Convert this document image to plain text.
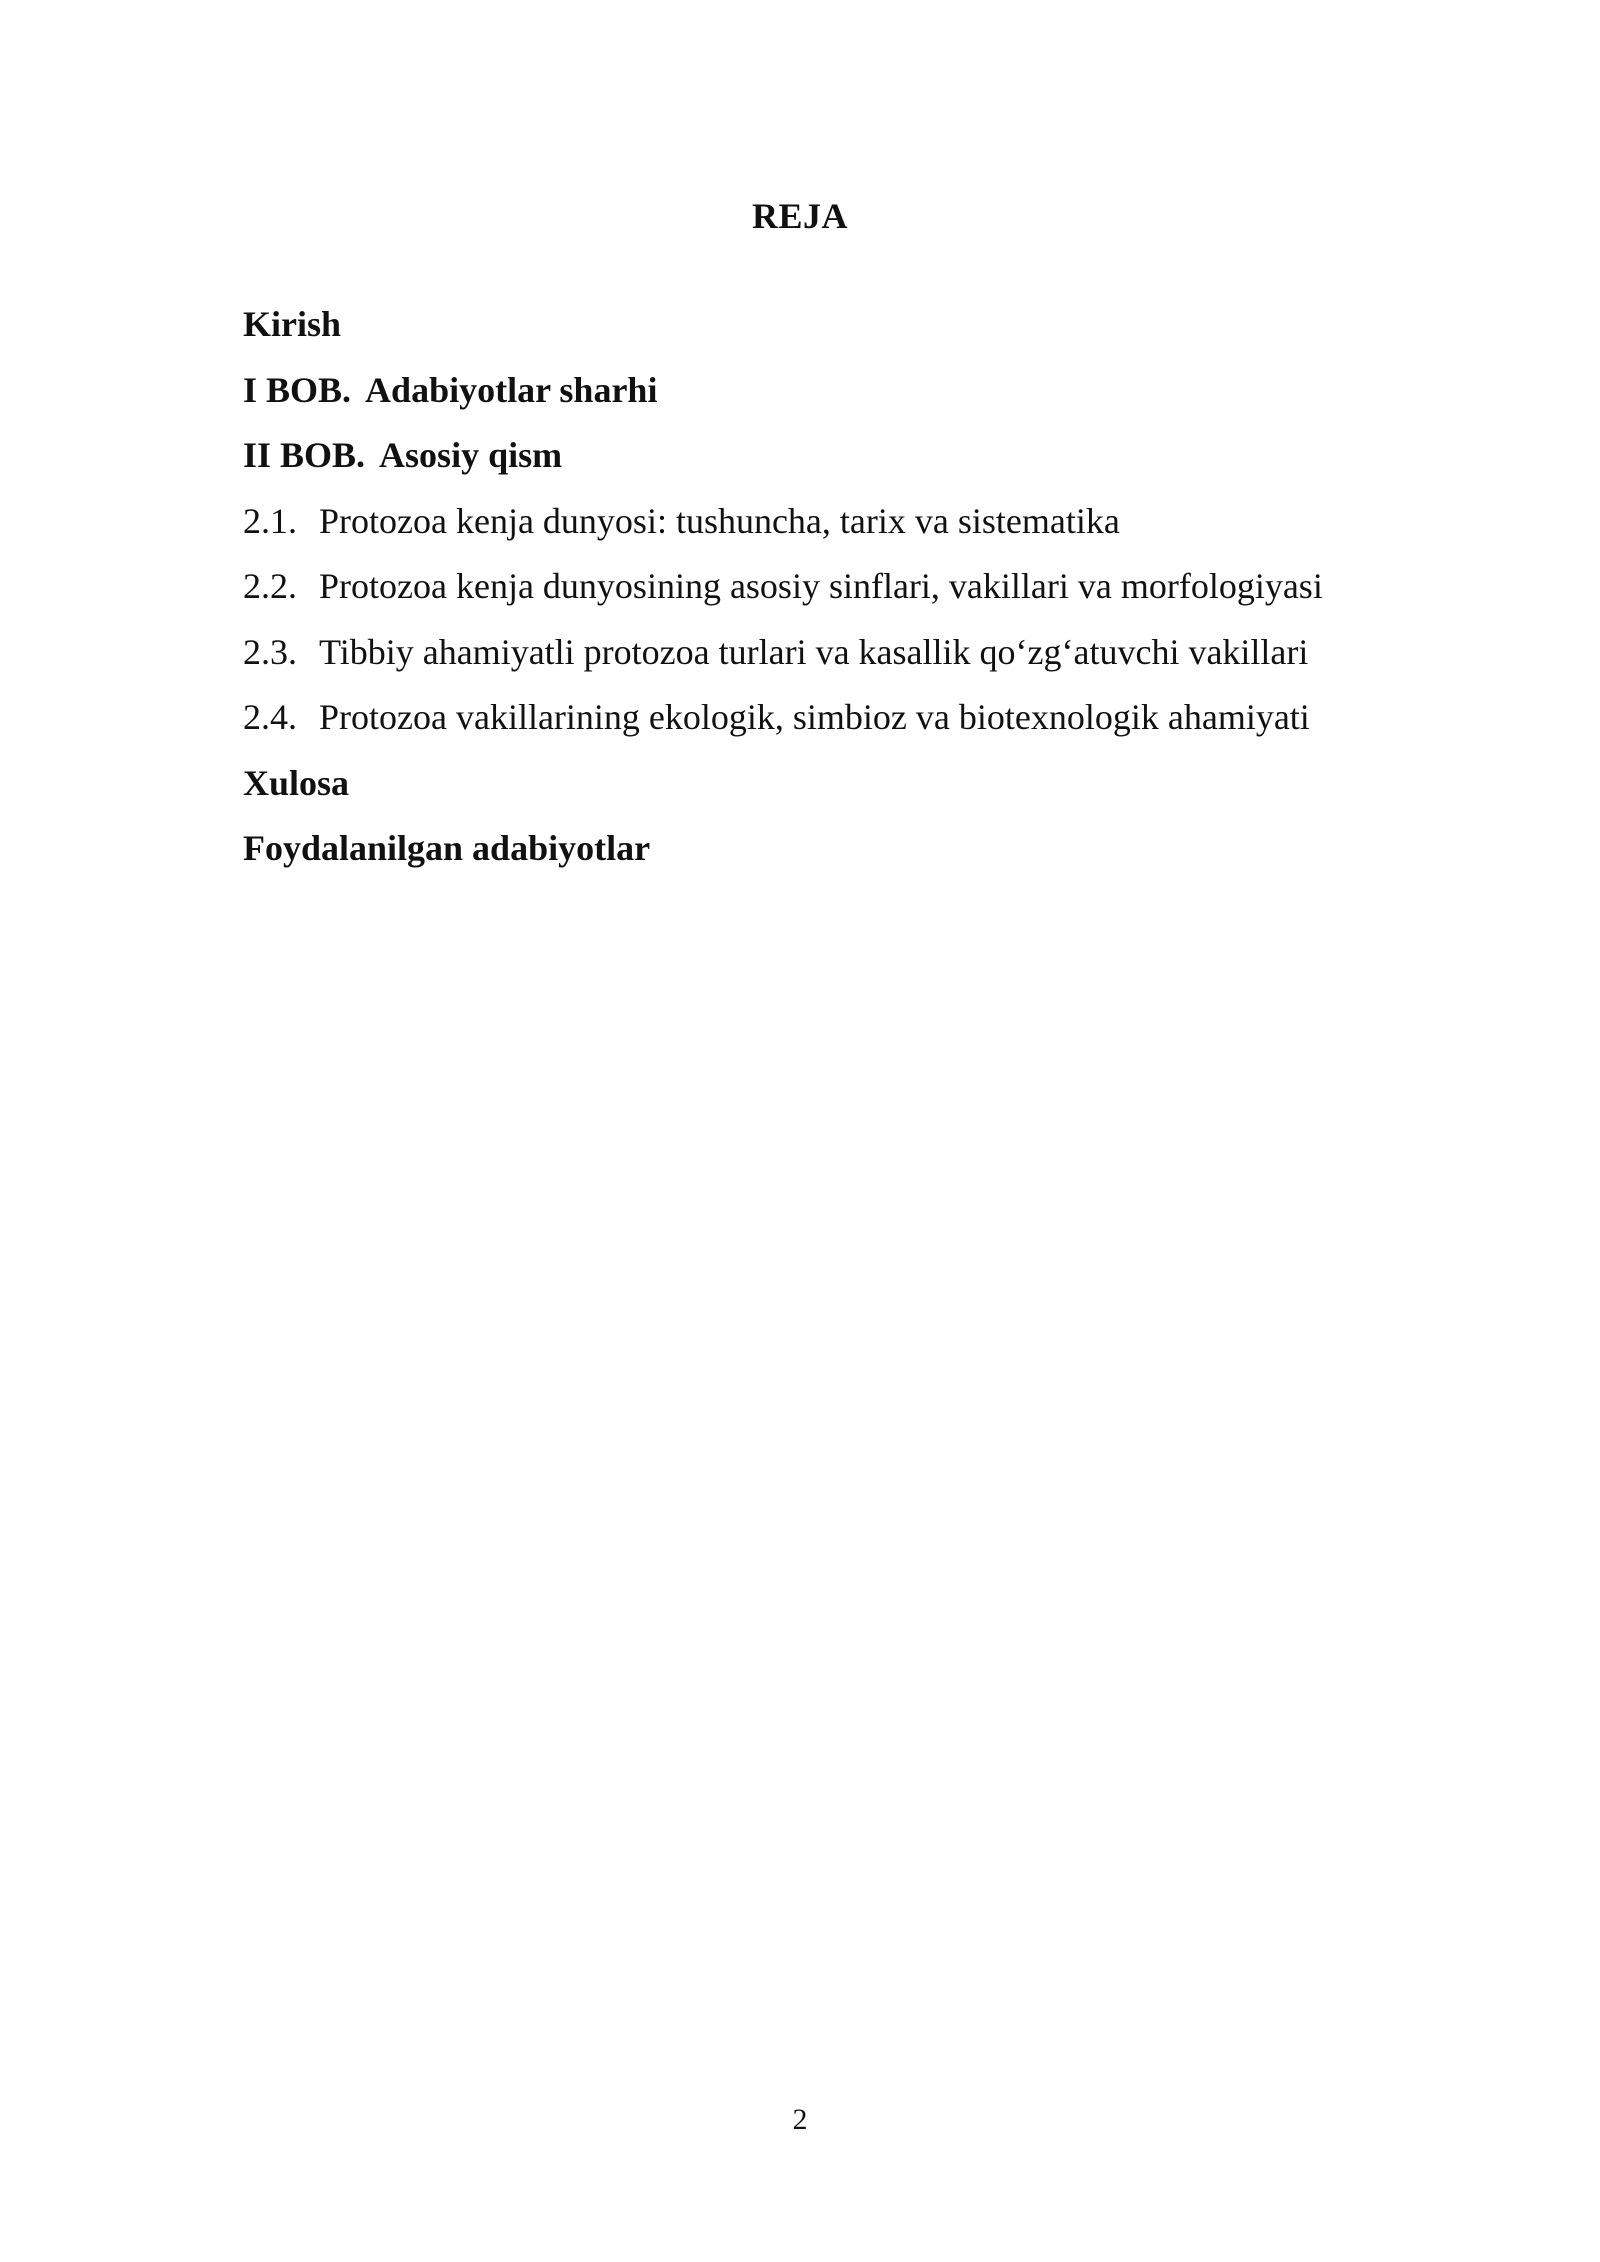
REJA
Kirish
I BOB. Adabiyotlar sharhi
II BOB. Asosiy qism
2.1. Protozoa kenja dunyosi: tushuncha, tarix va sistematika
2.2. Protozoa kenja dunyosining asosiy sinflari, vakillari va morfologiyasi
2.3. Tibbiy ahamiyatli protozoa turlari va kasallik qo‘zg‘atuvchi vakillari
2.4. Protozoa vakillarining ekologik, simbioz va biotexnologik ahamiyati
Xulosa
Foydalanilgan adabiyotlar
2
